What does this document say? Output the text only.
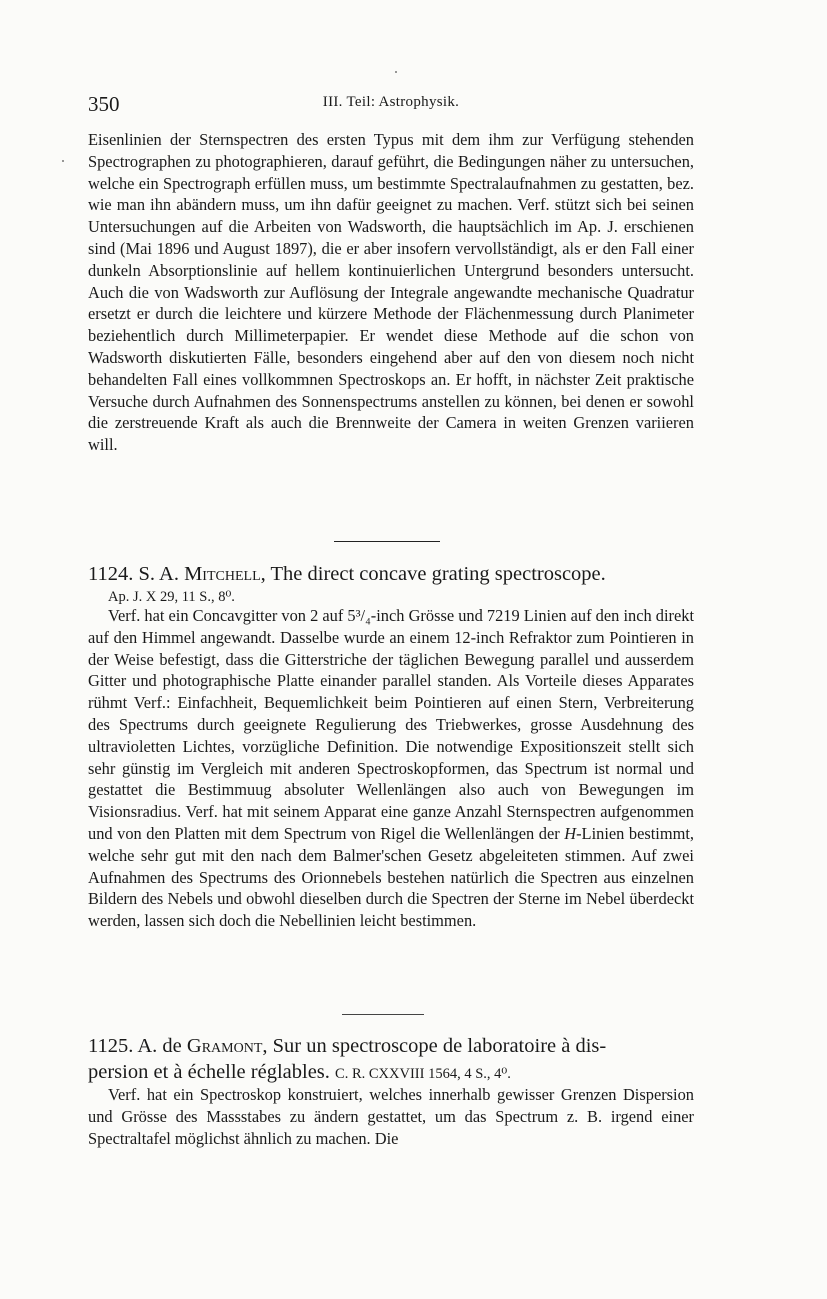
350	III. Teil: Astrophysik.

Eisenlinien der Sternspectren des ersten Typus mit dem ihm zur Verfügung stehenden Spectrographen zu photographieren, darauf geführt, die Bedingungen näher zu untersuchen, welche ein Spectrograph erfüllen muss, um bestimmte Spectralaufnahmen zu gestatten, bez. wie man ihn abändern muss, um ihn dafür geeignet zu machen. Verf. stützt sich bei seinen Untersuchungen auf die Arbeiten von Wadsworth, die hauptsächlich im Ap. J. erschienen sind (Mai 1896 und August 1897), die er aber insofern vervollständigt, als er den Fall einer dunkeln Absorptionslinie auf hellem kontinuierlichen Untergrund besonders untersucht. Auch die von Wadsworth zur Auflösung der Integrale angewandte mechanische Quadratur ersetzt er durch die leichtere und kürzere Methode der Flächenmessung durch Planimeter beziehentlich durch Millimeterpapier. Er wendet diese Methode auf die schon von Wadsworth diskutierten Fälle, besonders eingehend aber auf den von diesem noch nicht behandelten Fall eines vollkommnen Spectroskops an. Er hofft, in nächster Zeit praktische Versuche durch Aufnahmen des Sonnenspectrums anstellen zu können, bei denen er sowohl die zerstreuende Kraft als auch die Brennweite der Camera in weiten Grenzen variieren will.

1124. S. A. Mitchell, The direct concave grating spectroscope.

Ap. J. X 29, 11 S., 8⁰.

Verf. hat ein Concavgitter von 2 auf 5³/₄-inch Grösse und 7219 Linien auf den inch direkt auf den Himmel angewandt. Dasselbe wurde an einem 12-inch Refraktor zum Pointieren in der Weise befestigt, dass die Gitterstriche der täglichen Bewegung parallel und ausserdem Gitter und photographische Platte einander parallel standen. Als Vorteile dieses Apparates rühmt Verf.: Einfachheit, Bequemlichkeit beim Pointieren auf einen Stern, Verbreiterung des Spectrums durch geeignete Regulierung des Triebwerkes, grosse Ausdehnung des ultravioletten Lichtes, vorzügliche Definition. Die notwendige Expositionszeit stellt sich sehr günstig im Vergleich mit anderen Spectroskopformen, das Spectrum ist normal und gestattet die Bestimmuug absoluter Wellenlängen also auch von Bewegungen im Visionsradius. Verf. hat mit seinem Apparat eine ganze Anzahl Sternspectren aufgenommen und von den Platten mit dem Spectrum von Rigel die Wellenlängen der H-Linien bestimmt, welche sehr gut mit den nach dem Balmer'schen Gesetz abgeleiteten stimmen. Auf zwei Aufnahmen des Spectrums des Orionnebels bestehen natürlich die Spectren aus einzelnen Bildern des Nebels und obwohl dieselben durch die Spectren der Sterne im Nebel überdeckt werden, lassen sich doch die Nebellinien leicht bestimmen.

1125. A. de Gramont, Sur un spectroscope de laboratoire à dis-

persion et à échelle réglables. C. R. CXXVIII 1564, 4 S., 4⁰.

Verf. hat ein Spectroskop konstruiert, welches innerhalb gewisser Grenzen Dispersion und Grösse des Massstabes zu ändern gestattet, um das Spectrum z. B. irgend einer Spectraltafel möglichst ähnlich zu machen. Die
